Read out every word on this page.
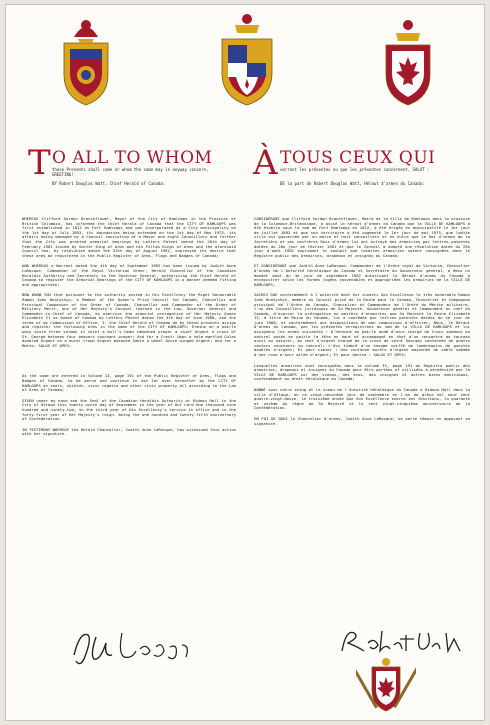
T O ALL TO WHOM
these Presents shall come or whom the same may in anyway concern, GREETING!
BY Robert Douglas Watt, Chief Herald of Canada:
À TOUS CEUX QUI
verront les présentes ou que les présentes concernent, SALUT :
DE la part de Robert Douglas Watt, Héraut d'armes du Canada:

WHEREAS Clifford Gordon Branchflower, Mayor of the City of Kamloops in the Province of British Columbia, has informed the Chief Herald of Canada that the CITY OF KAMLOOPS was first established in 1812 as Fort Kamloops and was incorporated as a City municipality on the 1st day of July 1893, its boundaries being extended on the 1st day of May 1973, its affairs being managed by a Council consisting of a Mayor and eight Councillors and further that the City was granted armorial bearings by Letters Patent dated the 20th day of February 1981 issued by Garter King of Arms and his Fellow Kings of Arms and the aforesaid Council has, by resolution dated the 25th day of August 1992, expressed its desire that these arms be registered in the Public Register of Arms, Flags and Badges of Canada;

AND WHEREAS a Warrant dated the 4th day of September 1992 has been issued by Judith Anne LaRocque, Commander of the Royal Victorian Order, Herald Chancellor of the Canadian Heraldic Authority and Secretary to the Governor General, authorizing the Chief Herald of Canada to register the Armorial Bearings of the CITY OF KAMLOOPS in a manner deemed fitting and appropriate;

NOW KNOW YOU that pursuant to the authority vested in His Excellency the Right Honourable Ramon John Hnatyshyn, a Member of the Queen's Privy Council for Canada, Chancellor and Principal Companion of the Order of Canada, Chancellor and Commander of the Order of Military Merit, one of Her Majesty's Counsel learned in the Law, Governor General and Commander-in-Chief of Canada, to exercise the armorial prerogative of Her Majesty Queen Elizabeth II as Queen of Canada by Letters Patent dated the 4th day of June 1988, and the terms of my Commission of Office, I, the Chief Herald of Canada do by these presents assign and register the following Arms in the name of the CITY OF KAMLOOPS: Ermine on a pairle wavy Azure three salmon in chief a bull's head caboshed proper a chief Argent a cross of St. George between four beavers couchant proper; And for a Crest: Upon a helm mantled Gules doubled Argent on a mural crown Argent masoned Sable a wheel Azure winged Argent; And for a Motto: SALUS ET OPES;

As the same are entered in Volume II, page 191 of the Public Register of Arms, Flags and Badges of Canada, to be borne and continue in use for ever hereafter by the CITY OF KAMLOOPS on seals, shields, civic regalia and other civic property all according to the Law of Arms of Canada;

GIVEN under my hand and the Seal of the Canadian Heraldic Authority at Rideau Hall in the City of Ottawa this twenty-ninth day of September in the year of Our Lord One thousand nine hundred and ninety-two, in the third year of His Excellency's service in office and in the forty-first year of Her Majesty's reign, being the one hundred and twenty-fifth anniversary of Confederation.

IN TESTIMONY WHEREOF the Herald Chancellor, Judith Anne LaRocque, has witnessed this action with her signature.

CONSIDÉRANT que Clifford Gordon Branchflower, Maire de la Ville de Kamloops dans la province de la Colombie-Britannique, a avisé le héraut d'armes du Canada que la VILLE DE KAMLOOPS a été établie sous le nom de Fort Kamloops en 1812, a été érigée en municipalité le 1er jour de juillet 1893 et que son territoire a été augmenté le 1er jour de mai 1973, que ladite ville est gouvernée par un maire et huit conseillers et en outre que le Roi d'armes de la Jarretière et ses confrères Rois d'armes lui ont octroyé des armoiries par lettres patentes datées du 20e jour de février 1981 et que le Conseil a adopté une résolution datée du 25e jour d'août 1992 exprimant le souhait que lesdites armoiries soient consignées dans le Registre public des armoiries, drapeaux et insignes du Canada;

ET CONSIDÉRANT que Judith Anne LaRocque, Commandeur de l'Ordre royal de Victoria, Chancelier d'armes de l'Autorité héraldique du Canada et Secrétaire du Gouverneur général, a émis un mandat daté du 4e jour de septembre 1992 autorisant le Héraut d'armes du Canada à enregistrer selon les formes jugées convenables et appropriées les armoiries de la VILLE DE KAMLOOPS;

SACHEZ QUE conformément à l'autorité dont est investi Son Excellence le très honorable Ramon John Hnatyshyn, membre du Conseil privé de la Reine pour le Canada, Chancelier et Compagnon principal de l'Ordre du Canada, Chancelier et Commandeur de l'Ordre du Mérite militaire, l'un des Conseillers juridiques de Sa Majesté, Gouverneur général et Commandant en chef du Canada, d'exercer la prérogative en matière d'armoiries que Sa Majesté la Reine Elizabeth II, à titre de Reine du Canada, lui a concédée par lettres patentes datées du 4e jour de juin 1988, et conformément aux dispositions de mon commission d'officier, Nous, le Héraut d'armes du Canada, par les présentes enregistrons au nom de la VILLE DE KAMLOOPS et lui assignons les armes suivantes : D'hermine au pairle ondé d'azur chargé de trois saumons au naturel posés en pairle la tête en haut et accompagné en chef d'un rencontre de taureau aussi au naturel, au chef d'argent chargé de la croix de saint Georges cantonnée de quatre castors couchants au naturel; L'écu timbré d'un heaume coiffé de lambrequins de gueules doublés d'argent; Et pour cimier : Une couronne murale d'argent maçonnée de sable sommée d'une roue d'azur ailée d'argent; Et pour devise : SALUS ET OPES;

Lesquelles armoiries sont consignées dans le volume II, page 191 du Registre public des armoiries, drapeaux et insignes du Canada pour être portées et utilisées à perpétuité par la VILLE DE KAMLOOPS sur des sceaux, des écus, des insignes et autres biens municipaux, conformément au droit héraldique du Canada;

DONNÉ sous notre seing et le sceau de l'Autorité héraldique du Canada à Rideau Hall dans la ville d'Ottawa, en ce vingt-neuvième jour de septembre en l'an de grâce mil neuf cent quatre-vingt-douze, la troisième année que Son Excellence exerce ses fonctions, la quarante et unième du règne de Sa Majesté et le cent vingt-cinquième anniversaire de la Confédération.

EN FOI DE QUOI le Chancelier d'armes, Judith Anne LaRocque, se porte témoin en apposant sa signature.
